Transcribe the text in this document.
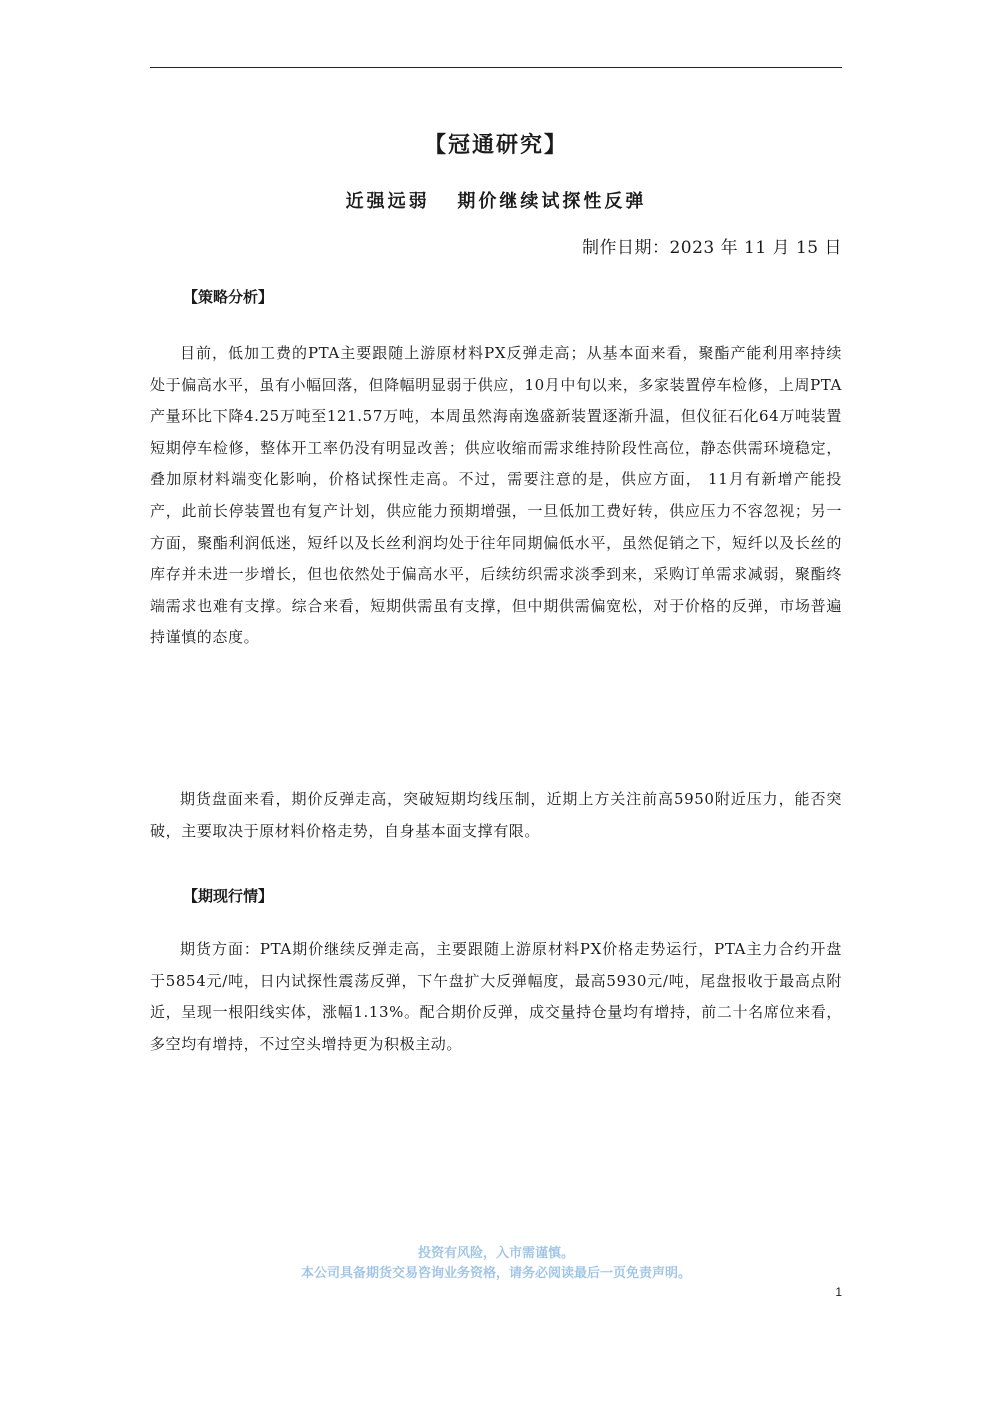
【冠通研究】
近强远弱   期价继续试探性反弹
制作日期：2023 年 11 月 15 日
【策略分析】

目前，低加工费的PTA主要跟随上游原材料PX反弹走高；从基本面来看，聚酯产能利用率持续处于偏高水平，虽有小幅回落，但降幅明显弱于供应，10月中旬以来，多家装置停车检修，上周PTA产量环比下降4.25万吨至121.57万吨，本周虽然海南逸盛新装置逐渐升温，但仪征石化64万吨装置短期停车检修，整体开工率仍没有明显改善；供应收缩而需求维持阶段性高位，静态供需环境稳定，叠加原材料端变化影响，价格试探性走高。不过，需要注意的是，供应方面， 11月有新增产能投产，此前长停装置也有复产计划，供应能力预期增强，一旦低加工费好转，供应压力不容忽视；另一方面，聚酯利润低迷，短纤以及长丝利润均处于往年同期偏低水平，虽然促销之下，短纤以及长丝的库存并未进一步增长，但也依然处于偏高水平，后续纺织需求淡季到来，采购订单需求减弱，聚酯终端需求也难有支撑。综合来看，短期供需虽有支撑，但中期供需偏宽松，对于价格的反弹，市场普遍持谨慎的态度。

期货盘面来看，期价反弹走高，突破短期均线压制，近期上方关注前高5950附近压力，能否突破，主要取决于原材料价格走势，自身基本面支撑有限。

【期现行情】

期货方面：PTA期价继续反弹走高，主要跟随上游原材料PX价格走势运行，PTA主力合约开盘于5854元/吨，日内试探性震荡反弹，下午盘扩大反弹幅度，最高5930元/吨，尾盘报收于最高点附近，呈现一根阳线实体，涨幅1.13%。配合期价反弹，成交量持仓量均有增持，前二十名席位来看，多空均有增持，不过空头增持更为积极主动。

投资有风险，入市需谨慎。
本公司具备期货交易咨询业务资格，请务必阅读最后一页免责声明。
1
